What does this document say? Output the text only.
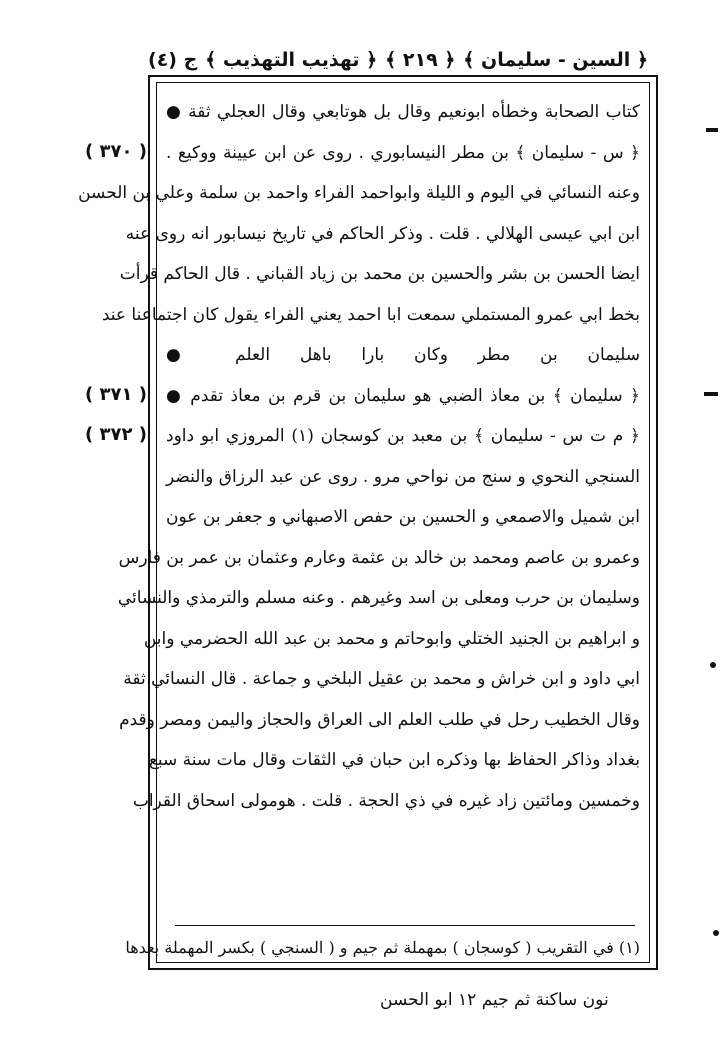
ج (٤) ﴿ تهذيب التهذيب ﴾ ﴿ ٢١٩ ﴾ ﴿ السين - سليمان ﴾
كتاب الصحابة وخطأه ابونعيم وقال بل هوتابعي وقال العجلي ثقة ●
﴿ س - سليمان ﴾ بن مطر النيسابوري . روى عن ابن عيينة ووكيع .
وعنه النسائي في اليوم و الليلة وابواحمد الفراء واحمد بن سلمة وعلي بن الحسن
ابن ابي عيسى الهلالي . قلت . وذكر الحاكم في تاريخ نيسابور انه روى عنه
ايضا الحسن بن بشر والحسين بن محمد بن زياد القباني . قال الحاكم قرأت
بخط ابي عمرو المستملي سمعت ابا احمد يعني الفراء يقول كان اجتماعنا عند
سليمان بن مطر وكان بارا باهل العلم ●
﴿ سليمان ﴾ بن معاذ الضبي هو سليمان بن قرم بن معاذ تقدم ●
﴿ م ت س - سليمان ﴾ بن معبد بن كوسجان (١) المروزي ابو داود
السنجي النحوي و سنج من نواحي مرو . روى عن عبد الرزاق والنضر
ابن شميل والاصمعي و الحسين بن حفص الاصبهاني و جعفر بن عون
وعمرو بن عاصم ومحمد بن خالد بن عثمة وعارم وعثمان بن عمر بن فارس
وسليمان بن حرب ومعلى بن اسد وغيرهم . وعنه مسلم والترمذي والنسائي
و ابراهيم بن الجنيد الختلي وابوحاتم و محمد بن عبد الله الحضرمي وابن
ابي داود و ابن خراش و محمد بن عقيل البلخي و جماعة . قال النسائي ثقة
وقال الخطيب رحل في طلب العلم الى العراق والحجاز واليمن ومصر وقدم
بغداد وذاكر الحفاظ بها وذكره ابن حبان في الثقات وقال مات سنة سبع
وخمسين ومائتين زاد غيره في ذي الحجة . قلت . هومولى اسحاق القراب
( ٣٧٠ )
( ٣٧١ )
( ٣٧٢ )
(١) في التقريب ( كوسجان ) بمهملة ثم جيم و ( السنجي ) بكسر المهملة بعدها
نون ساكنة ثم جيم ١٢ ابو الحسن
